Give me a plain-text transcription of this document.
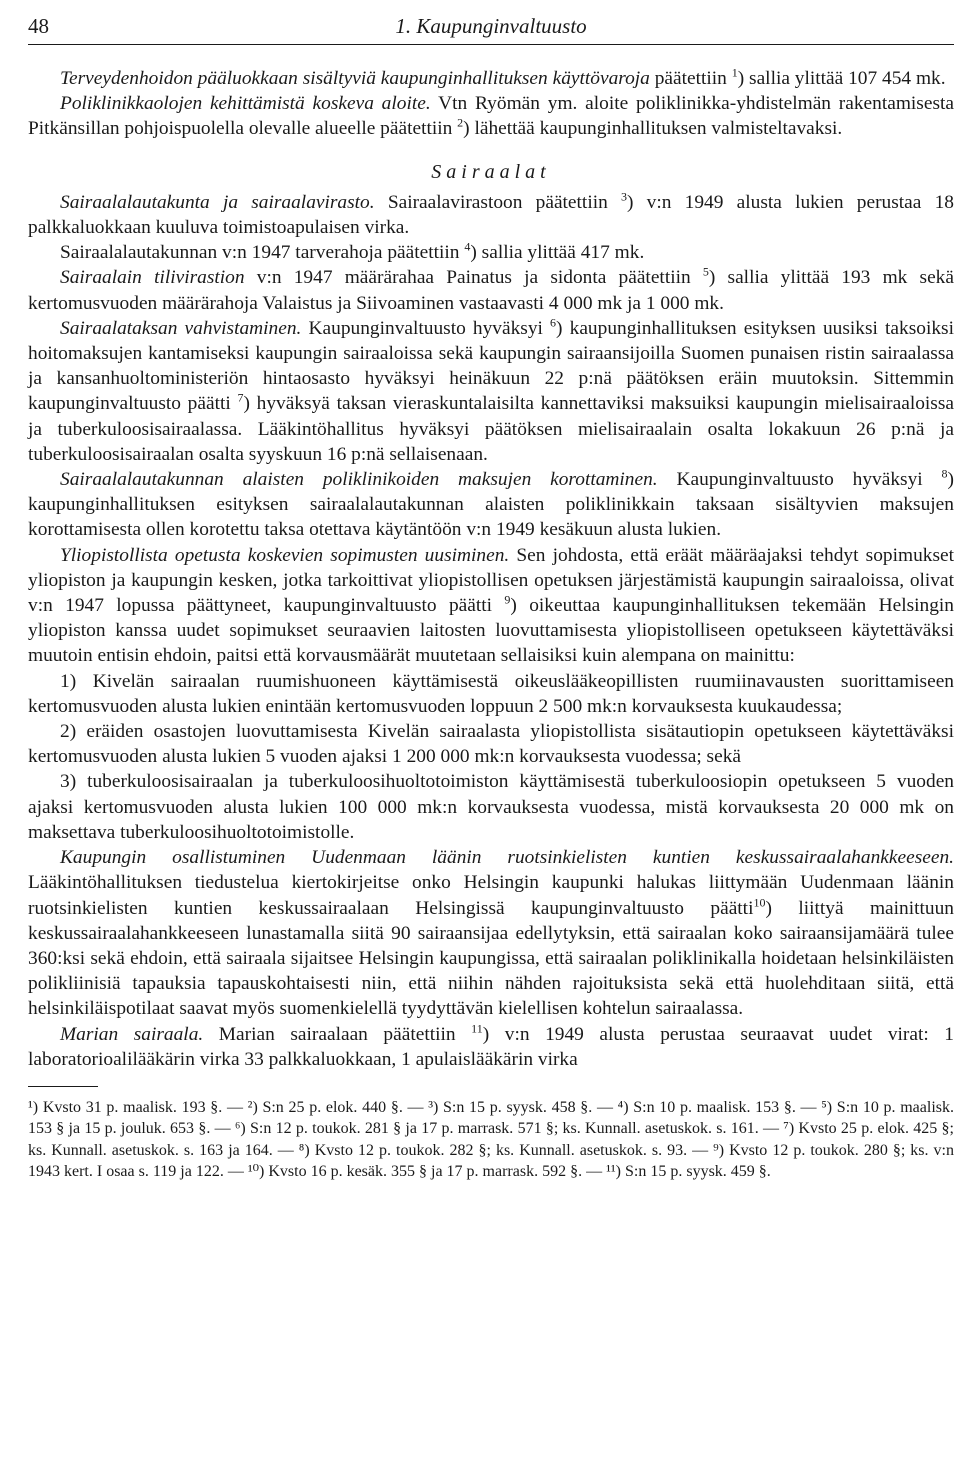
48	1. Kaupunginvaltuusto

Terveydenhoidon pääluokkaan sisältyviä kaupunginhallituksen käyttövaroja päätettiin $^1$) sallia ylittää 107 454 mk.

Poliklinikkaolojen kehittämistä koskeva aloite. Vtn Ryömän ym. aloite poliklinikka-yhdistelmän rakentamisesta Pitkänsillan pohjoispuolella olevalle alueelle päätettiin $^2$) lähettää kaupunginhallituksen valmisteltavaksi.

Sairaalat

Sairaalalautakunta ja sairaalavirasto. Sairaalavirastoon päätettiin $^3$) v:n 1949 alusta lukien perustaa 18 palkkaluokkaan kuuluva toimistoapulaisen virka.

Sairaalalautakunnan v:n 1947 tarverahoja päätettiin $^4$) sallia ylittää 417 mk.

Sairaalain tilivirastion v:n 1947 määrärahaa Painatus ja sidonta päätettiin $^5$) sallia ylittää 193 mk sekä kertomusvuoden määrärahoja Valaistus ja Siivoaminen vastaavasti 4 000 mk ja 1 000 mk.

Sairaalataksan vahvistaminen. Kaupunginvaltuusto hyväksyi $^6$) kaupunginhallituksen esityksen uusiksi taksoiksi hoitomaksujen kantamiseksi kaupungin sairaaloissa sekä kaupungin sairaansijoilla Suomen punaisen ristin sairaalassa ja kansanhuoltoministeriön hintaosasto hyväksyi heinäkuun 22 p:nä päätöksen eräin muutoksin. Sittemmin kaupunginvaltuusto päätti $^7$) hyväksyä taksan vieraskuntalaisilta kannettaviksi maksuiksi kaupungin mielisairaaloissa ja tuberkuloosisairaalassa. Lääkintöhallitus hyväksyi päätöksen mielisairaalain osalta lokakuun 26 p:nä ja tuberkuloosisairaalan osalta syyskuun 16 p:nä sellaisenaan.

Sairaalalautakunnan alaisten poliklinikoiden maksujen korottaminen. Kaupunginvaltuusto hyväksyi $^8$) kaupunginhallituksen esityksen sairaalalautakunnan alaisten poliklinikkain taksaan sisältyvien maksujen korottamisesta ollen korotettu taksa otettava käytäntöön v:n 1949 kesäkuun alusta lukien.

Yliopistollista opetusta koskevien sopimusten uusiminen. Sen johdosta, että eräät määräajaksi tehdyt sopimukset yliopiston ja kaupungin kesken, jotka tarkoittivat yliopistollisen opetuksen järjestämistä kaupungin sairaaloissa, olivat v:n 1947 lopussa päättyneet, kaupunginvaltuusto päätti $^9$) oikeuttaa kaupunginhallituksen tekemään Helsingin yliopiston kanssa uudet sopimukset seuraavien laitosten luovuttamisesta yliopistolliseen opetukseen käytettäväksi muutoin entisin ehdoin, paitsi että korvausmäärät muutetaan sellaisiksi kuin alempana on mainittu:

1) Kivelän sairaalan ruumishuoneen käyttämisestä oikeuslääkeopillisten ruumiinavausten suorittamiseen kertomusvuoden alusta lukien enintään kertomusvuoden loppuun 2 500 mk:n korvauksesta kuukaudessa;

2) eräiden osastojen luovuttamisesta Kivelän sairaalasta yliopistollista sisätautiopin opetukseen käytettäväksi kertomusvuoden alusta lukien 5 vuoden ajaksi 1 200 000 mk:n korvauksesta vuodessa; sekä

3) tuberkuloosisairaalan ja tuberkuloosihuoltotoimiston käyttämisestä tuberkuloosiopin opetukseen 5 vuoden ajaksi kertomusvuoden alusta lukien 100 000 mk:n korvauksesta vuodessa, mistä korvauksesta 20 000 mk on maksettava tuberkuloosihuoltotoimistolle.

Kaupungin osallistuminen Uudenmaan läänin ruotsinkielisten kuntien keskussairaalahankkeeseen. Lääkintöhallituksen tiedustelua kiertokirjeitse onko Helsingin kaupunki halukas liittymään Uudenmaan läänin ruotsinkielisten kuntien keskussairaalaan Helsingissä kaupunginvaltuusto päätti$^{10}$) liittyä mainittuun keskussairaalahankkeeseen lunastamalla siitä 90 sairaansijaa edellytyksin, että sairaalan koko sairaansijamäärä tulee 360:ksi sekä ehdoin, että sairaala sijaitsee Helsingin kaupungissa, että sairaalan poliklinikalla hoidetaan helsinkiläisten polikliinisiä tapauksia tapauskohtaisesti niin, että niihin nähden rajoituksista sekä että huolehditaan siitä, että helsinkiläispotilaat saavat myös suomenkielellä tyydyttävän kielellisen kohtelun sairaalassa.

Marian sairaala. Marian sairaalaan päätettiin $^{11}$) v:n 1949 alusta perustaa seuraavat uudet virat: 1 laboratorioalilääkärin virka 33 palkkaluokkaan, 1 apulaislääkärin virka

¹) Kvsto 31 p. maalisk. 193 §. — ²) S:n 25 p. elok. 440 §. — ³) S:n 15 p. syysk. 458 §. — ⁴) S:n 10 p. maalisk. 153 §. — ⁵) S:n 10 p. maalisk. 153 § ja 15 p. jouluk. 653 §. — ⁶) S:n 12 p. toukok. 281 § ja 17 p. marrask. 571 §; ks. Kunnall. asetuskok. s. 161. — ⁷) Kvsto 25 p. elok. 425 §; ks. Kunnall. asetuskok. s. 163 ja 164. — ⁸) Kvsto 12 p. toukok. 282 §; ks. Kunnall. asetuskok. s. 93. — ⁹) Kvsto 12 p. toukok. 280 §; ks. v:n 1943 kert. I osaa s. 119 ja 122. — ¹⁰) Kvsto 16 p. kesäk. 355 § ja 17 p. marrask. 592 §. — ¹¹) S:n 15 p. syysk. 459 §.
